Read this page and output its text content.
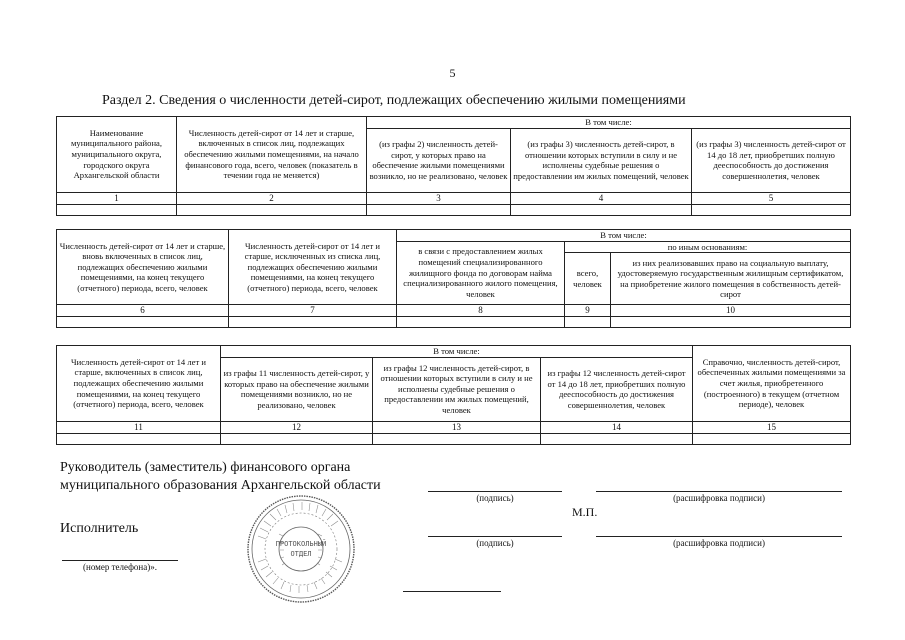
5
Раздел 2. Сведения о численности детей-сирот, подлежащих обеспечению жилыми помещениями
Наименование муниципального района, муниципального округа, городского округа Архангельской области	Численность детей-сирот от 14 лет и старше, включенных в список лиц, подлежащих обеспечению жилыми помещениями, на начало финансового года, всего, человек (показатель в течении года не меняется)	В том числе:		
		(из графы 2) численность детей-сирот, у которых право на обеспечение жилыми помещениями возникло, но не реализовано, человек	(из графы 3) численность детей-сирот, в отношении которых вступили в силу и не исполнены судебные решения о предоставлении им жилых помещений, человек	(из графы 3) численность детей-сирот от 14 до 18 лет, приобретших полную дееспособность до достижения совершеннолетия, человек
1	2	3	4	5

Численность детей-сирот от 14 лет и старше, вновь включенных в список лиц, подлежащих обеспечению жилыми помещениями, на конец текущего (отчетного) периода, всего, человек	Численность детей-сирот от 14 лет и старше, исключенных из списка лиц, подлежащих обеспечению жилыми помещениями, на конец текущего (отчетного) периода, всего, человек	В том числе:		
		в связи с предоставлением жилых помещений специализированного жилищного фонда по договорам найма специализированного жилого помещения, человек	по иным основаниям:	
			всего, человек	из них реализовавших право на социальную выплату, удостоверяемую государственным жилищным сертификатом, на приобретение жилого помещения в собственность детей-сирот
6	7	8	9	10

Численность детей-сирот от 14 лет и старше, включенных в список лиц, подлежащих обеспечению жилыми помещениями, на конец текущего (отчетного) периода, всего, человек	В том числе:			Справочно, численность детей-сирот, обеспеченных жилыми помещениями за счет жилья, приобретенного (построенного) в текущем (отчетном периоде), человек
	из графы 11 численность детей-сирот, у которых право на обеспечение жилыми помещениями возникло, но не реализовано, человек	из графы 12 численность детей-сирот, в отношении которых вступили в силу и не исполнены судебные решения о предоставлении им жилых помещений, человек	из графы 12 численность детей-сирот от 14 до 18 лет, приобретших полную дееспособность до достижения совершеннолетия, человек	
11	12	13	14	15

Руководитель (заместитель) финансового органа
муниципального образования Архангельской области
(подпись)	(расшифровка подписи)
М.П.
Исполнитель
(подпись)	(расшифровка подписи)
(номер телефона)».
ПРОТОКОЛЬНЫЙ
ОТДЕЛ
